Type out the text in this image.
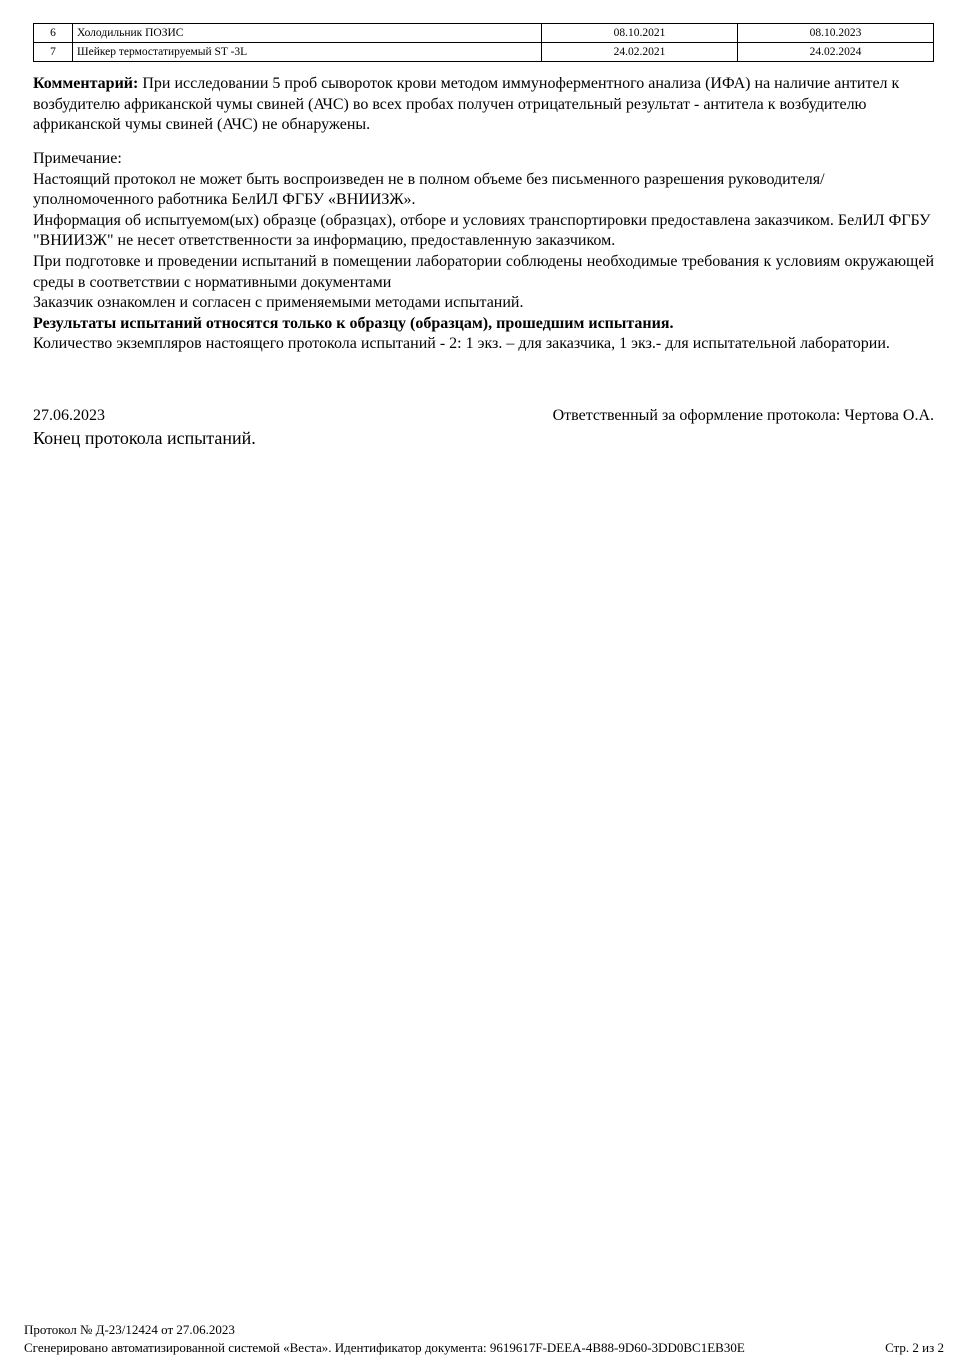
6	Холодильник ПОЗИС	08.10.2021	08.10.2023
7	Шейкер термостатируемый ST -3L	24.02.2021	24.02.2024
Комментарий: При исследовании 5 проб сывороток крови методом иммуноферментного анализа (ИФА) на наличие антител к возбудителю африканской чумы свиней (АЧС) во всех пробах получен отрицательный результат - антитела к возбудителю африканской чумы свиней (АЧС) не обнаружены.

Примечание:

Настоящий протокол не может быть воспроизведен не в полном объеме без письменного разрешения руководителя/уполномоченного работника БелИЛ ФГБУ «ВНИИЗЖ».

Информация об испытуемом(ых) образце (образцах), отборе и условиях транспортировки предоставлена заказчиком. БелИЛ ФГБУ "ВНИИЗЖ" не несет ответственности за информацию, предоставленную заказчиком.

При подготовке и проведении испытаний в помещении лаборатории соблюдены необходимые требования к условиям окружающей среды в соответствии с нормативными документами

Заказчик ознакомлен и согласен с применяемыми методами испытаний.

Результаты испытаний относятся только к образцу (образцам), прошедшим испытания.

Количество экземпляров настоящего протокола испытаний - 2: 1 экз. – для заказчика, 1 экз.- для испытательной лаборатории.

27.06.2023	Ответственный за оформление протокола: Чертова О.А.
Конец протокола испытаний.
Протокол № Д-23/12424 от 27.06.2023
Сгенерировано автоматизированной системой «Веста». Идентификатор документа: 9619617F-DEEA-4B88-9D60-3DD0BC1EB30E	Стр. 2 из 2
